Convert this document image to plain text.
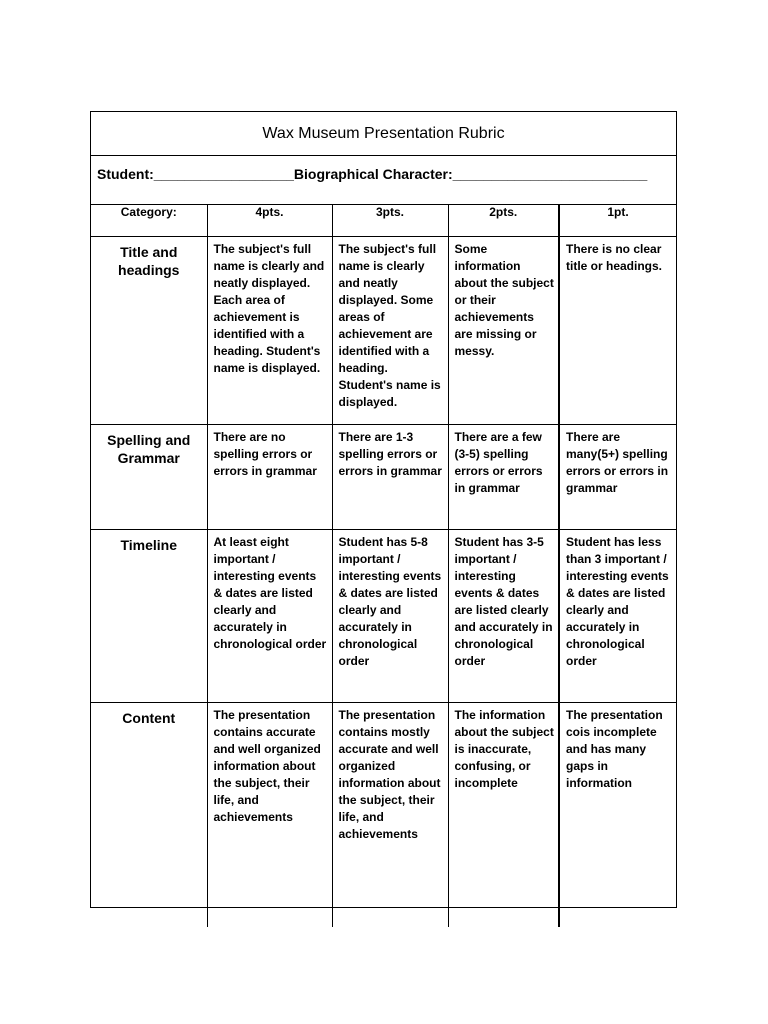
Wax Museum Presentation Rubric
Student:__________________Biographical Character:_________________________
Category:	4pts.	3pts.	2pts.	1pt.
Title and headings	The subject's full name is clearly and neatly displayed. Each area of achievement is identified with a heading. Student's name is displayed.	The subject's full name is clearly and neatly displayed. Some areas of achievement are identified with a heading. Student's name is displayed.	Some information about the subject or their achievements are missing or messy.	There is no clear title or headings.
Spelling and Grammar	There are no spelling errors or errors in grammar	There are 1-3 spelling errors or errors in grammar	There are a few (3-5) spelling errors or errors in grammar	There are many(5+) spelling errors or errors in grammar
Timeline	At least eight important / interesting events & dates are listed clearly and accurately in chronological order	Student has 5-8 important / interesting events & dates are listed clearly and accurately in chronological order	Student has 3-5 important / interesting events & dates are listed clearly and accurately in chronological order	Student has less than 3 important / interesting events & dates are listed clearly and accurately in chronological order
Content	The presentation contains accurate and well organized information about the subject, their life, and achievements	The presentation contains mostly accurate and well organized information about the subject, their life, and achievements	The information about the subject is inaccurate, confusing, or incomplete	The presentation cois incomplete and has many gaps in information
